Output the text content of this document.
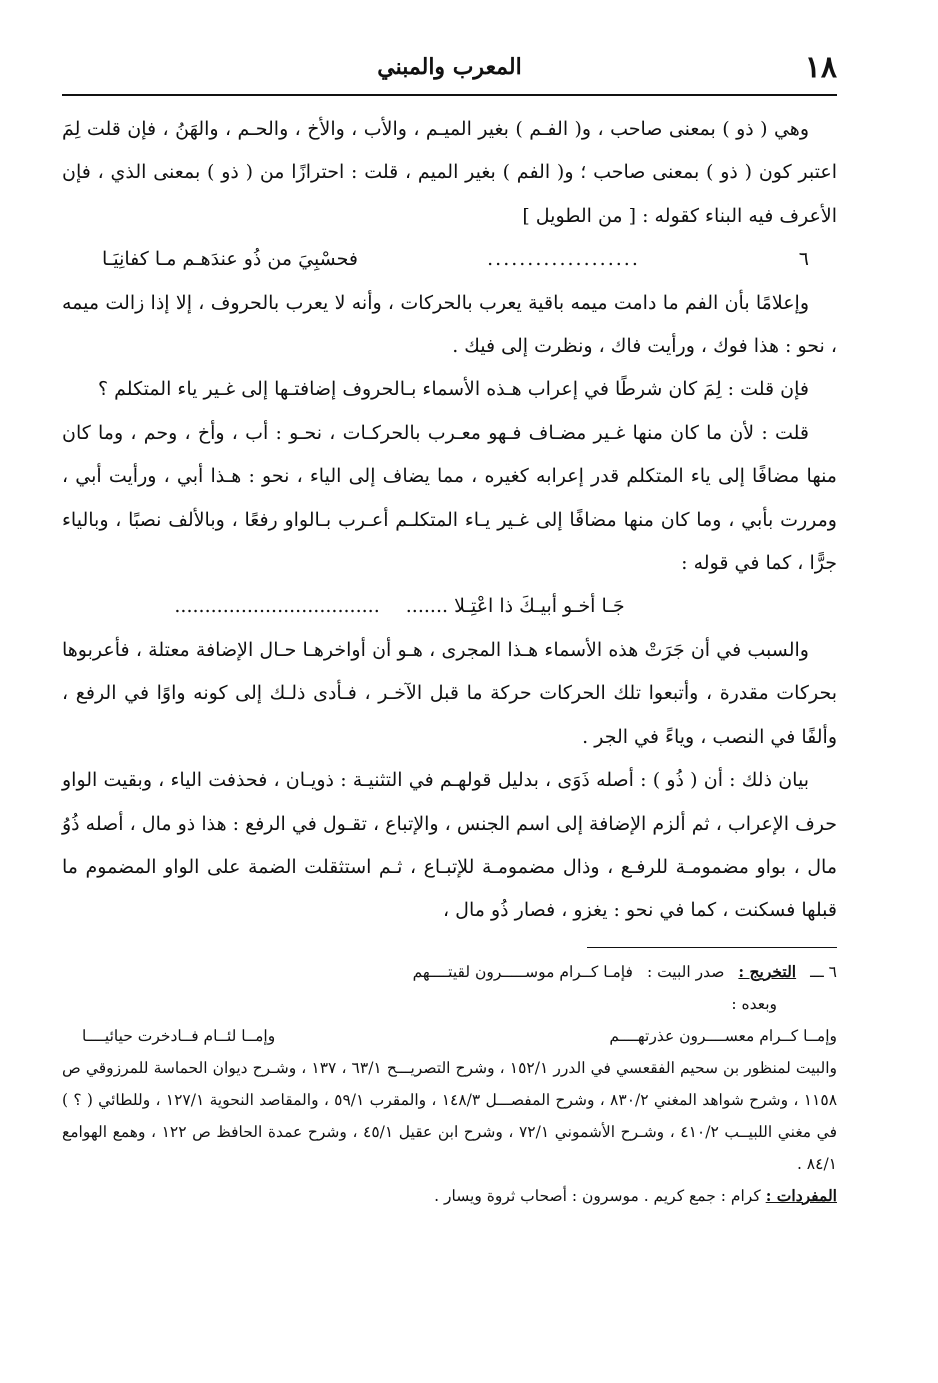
١٨
المعرب والمبني

وهي ( ذو ) بمعنى صاحب ، و( الفـم ) بغير الميـم ، والأب ، والأخ ، والحـم ، والهَنُ ، فإن قلت لِمَ اعتبر كون ( ذو ) بمعنى صاحب ؛ و( الفم ) بغير الميم ، قلت : احترازًا من ( ذو ) بمعنى الذي ، فإن الأعرف فيه البناء كقوله : [ من الطويل ]

٦
...................
فحسْبِيَ من ذُو عندَهـم مـا كفانِيَـا

وإعلامًا بأن الفم ما دامت ميمه باقية يعرب بالحركات ، وأنه لا يعرب بالحروف ، إلا إذا زالت ميمه ، نحو : هذا فوك ، ورأيت فاك ، ونظرت إلى فيك .

فإن قلت : لِمَ كان شرطًا في إعراب هـذه الأسماء بـالحروف إضافتـها إلى غـير ياء المتكلم ؟

قلت : لأن ما كان منها غـير مضـاف فـهو معـرب بالحركـات ، نحـو : أب ، وأخ ، وحم ، وما كان منها مضافًا إلى ياء المتكلم قدر إعرابه كغيره ، مما يضاف إلى الياء ، نحو : هـذا أبي ، ورأيت أبي ، ومررت بأبي ، وما كان منها مضافًا إلى غـير يـاء المتكلـم أعـرب بـالواو رفعًا ، وبالألف نصبًا ، وبالياء جرًّا ، كما في قوله :

جَـا أخـو أبيـكَ ذا اعْتِـلا .......
..................................

والسبب في أن جَرَتْ هذه الأسماء هـذا المجرى ، هـو أن أواخرهـا حـال الإضافة معتلة ، فأعربوها بحركات مقدرة ، وأتبعوا تلك الحركات حركة ما قبل الآخـر ، فـأدى ذلـك إلى كونه واوًا في الرفع ، وألفًا في النصب ، وياءً في الجر .

بيان ذلك : أن ( ذُو ) : أصله ذَوَى ، بدليل قولهـم في التثنيـة : ذويـان ، فحذفت الياء ، وبقيت الواو حرف الإعراب ، ثم ألزم الإضافة إلى اسم الجنس ، والإتباع ، تقـول في الرفع : هذا ذو مال ، أصله ذُوُ مال ، بواو مضمومـة للرفـع ، وذال مضمومـة للإتبـاع ، ثـم استثقلت الضمة على الواو المضموم ما قبلها فسكنت ، كما في نحو : يغزو ، فصار ذُو مال ،

٦ ـــ
التخريج :
صدر البيت :
فإمـا كــرام موســـــرون لقيتــــهم

وبعده :

وإمــا كــرام معســــرون عذرتهــــم
وإمــا لئــام فــادخرت حيائيــــا

والبيت لمنظور بن سحيم الفقعسي في الدرر ١٥٢/١ ، وشرح التصريـــح ٦٣/١ ، ١٣٧ ، وشـرح ديوان الحماسة للمرزوقي ص ١١٥٨ ، وشرح شواهد المغني ٨٣٠/٢ ، وشرح المفصـــل ١٤٨/٣ ، والمقرب ٥٩/١ ، والمقاصد النحوية ١٢٧/١ ، وللطائي ( ؟ ) في مغني اللبيــب ٤١٠/٢ ، وشـرح الأشموني ٧٢/١ ، وشرح ابن عقيل ٤٥/١ ، وشرح عمدة الحافظ ص ١٢٢ ، وهمع الهوامع ٨٤/١ .

المفردات : كرام : جمع كريم . موسرون : أصحاب ثروة ويسار .
